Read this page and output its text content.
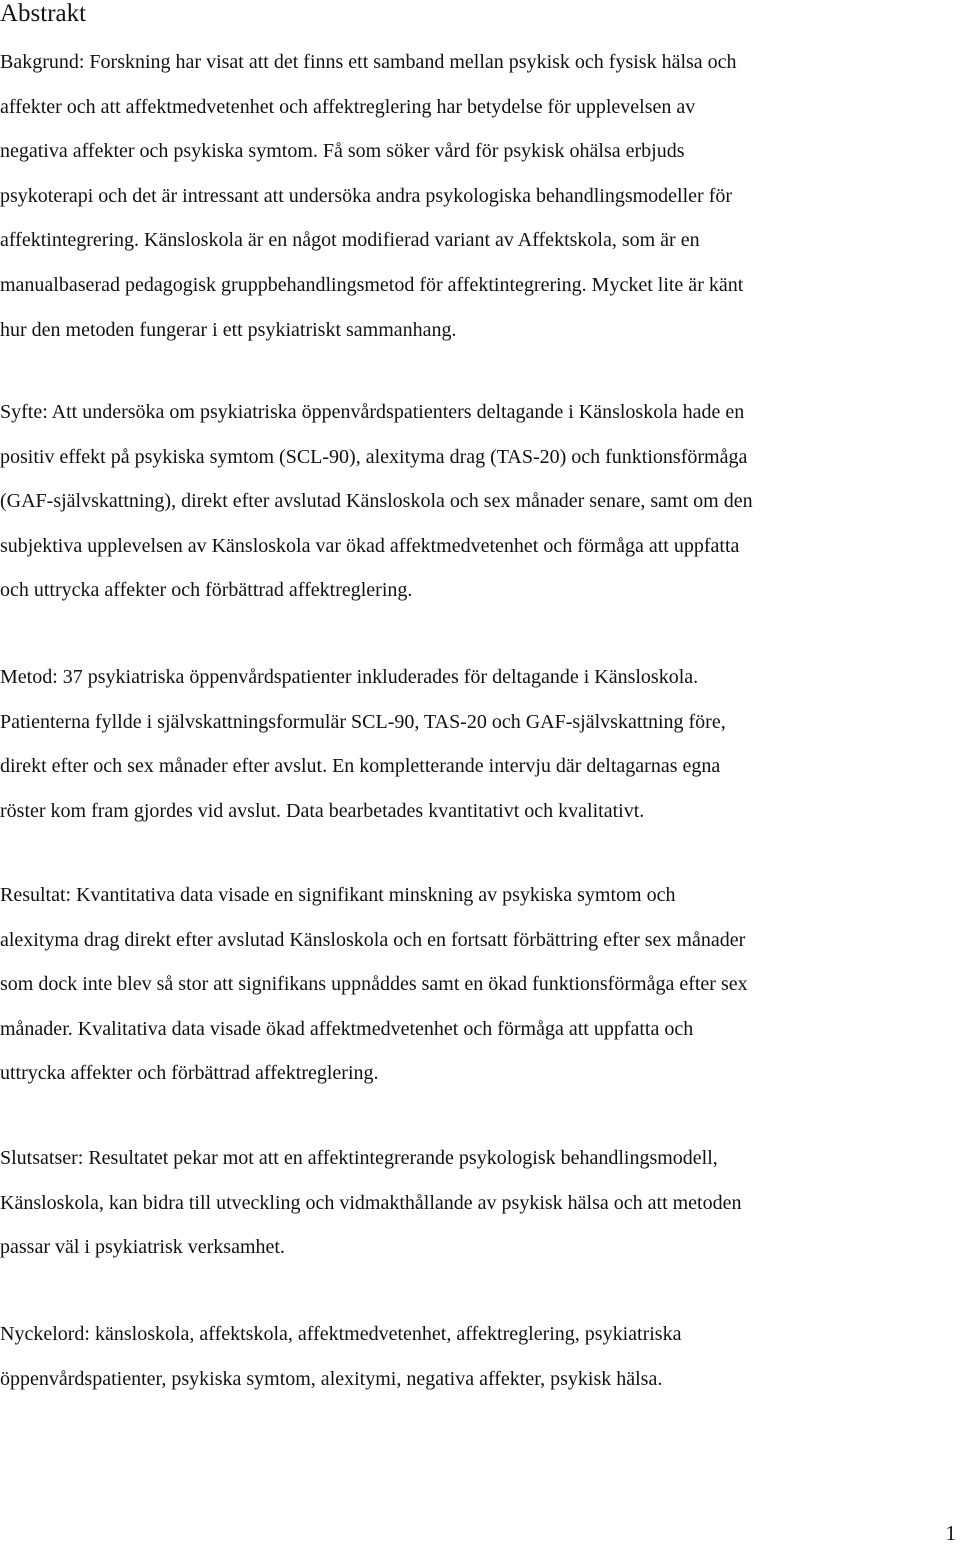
Abstrakt

Bakgrund: Forskning har visat att det finns ett samband mellan psykisk och fysisk hälsa och
affekter och att affektmedvetenhet och affektreglering har betydelse för upplevelsen av
negativa affekter och psykiska symtom. Få som söker vård för psykisk ohälsa erbjuds
psykoterapi och det är intressant att undersöka andra psykologiska behandlingsmodeller för
affektintegrering. Känsloskola är en något modifierad variant av Affektskola, som är en
manualbaserad pedagogisk gruppbehandlingsmetod för affektintegrering. Mycket lite är känt
hur den metoden fungerar i ett psykiatriskt sammanhang.

Syfte: Att undersöka om psykiatriska öppenvårdspatienters deltagande i Känsloskola hade en
positiv effekt på psykiska symtom (SCL-90), alexityma drag (TAS-20) och funktionsförmåga
(GAF-självskattning), direkt efter avslutad Känsloskola och sex månader senare, samt om den
subjektiva upplevelsen av Känsloskola var ökad affektmedvetenhet och förmåga att uppfatta
och uttrycka affekter och förbättrad affektreglering.

Metod: 37 psykiatriska öppenvårdspatienter inkluderades för deltagande i Känsloskola.
Patienterna fyllde i självskattningsformulär SCL-90, TAS-20 och GAF-självskattning före,
direkt efter och sex månader efter avslut. En kompletterande intervju där deltagarnas egna
röster kom fram gjordes vid avslut. Data bearbetades kvantitativt och kvalitativt.

Resultat: Kvantitativa data visade en signifikant minskning av psykiska symtom och
alexityma drag direkt efter avslutad Känsloskola och en fortsatt förbättring efter sex månader
som dock inte blev så stor att signifikans uppnåddes samt en ökad funktionsförmåga efter sex
månader. Kvalitativa data visade ökad affektmedvetenhet och förmåga att uppfatta och
uttrycka affekter och förbättrad affektreglering.

Slutsatser: Resultatet pekar mot att en affektintegrerande psykologisk behandlingsmodell,
Känsloskola, kan bidra till utveckling och vidmakthållande av psykisk hälsa och att metoden
passar väl i psykiatrisk verksamhet.

Nyckelord: känsloskola, affektskola, affektmedvetenhet, affektreglering, psykiatriska
öppenvårdspatienter, psykiska symtom, alexitymi, negativa affekter, psykisk hälsa.

1
